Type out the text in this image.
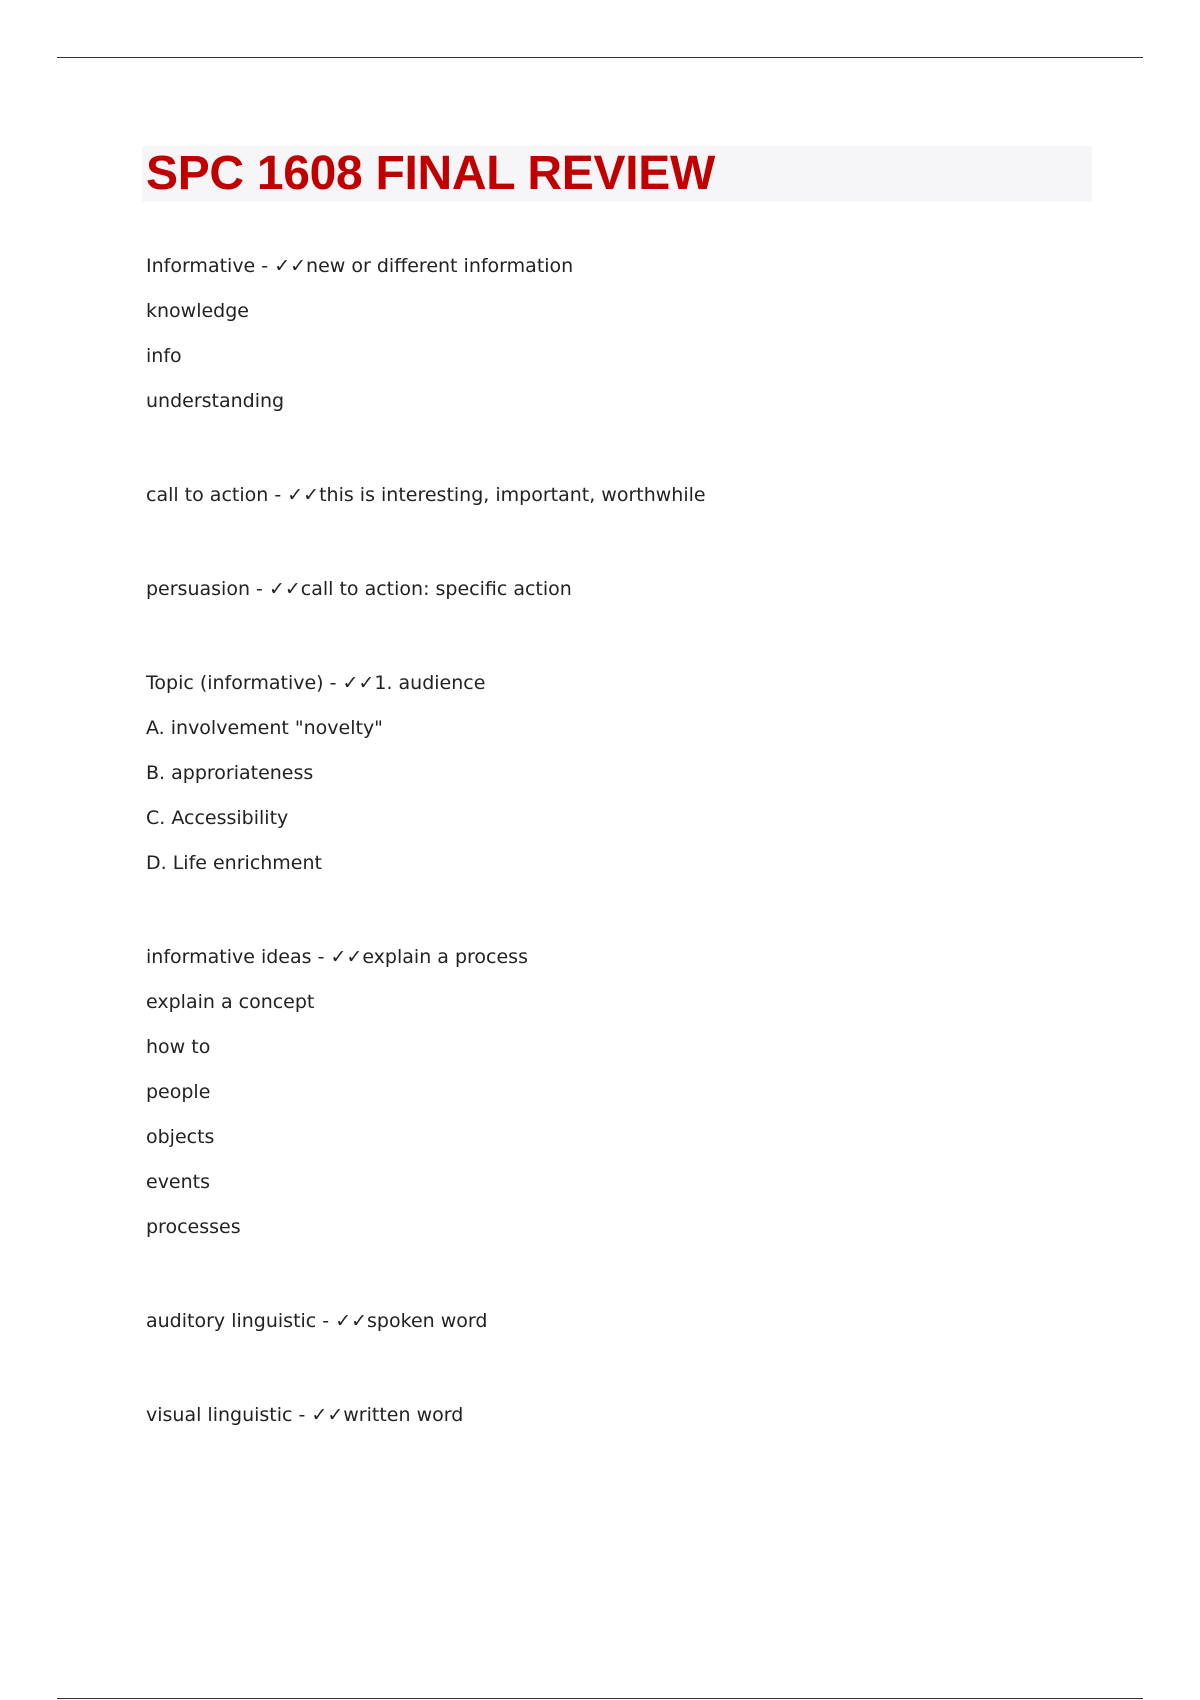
SPC 1608 FINAL REVIEW
Informative - ✓✓new or different information
knowledge
info
understanding
call to action - ✓✓this is interesting, important, worthwhile
persuasion - ✓✓call to action: specific action
Topic (informative) - ✓✓1. audience
A. involvement "novelty"
B. approriateness
C. Accessibility
D. Life enrichment
informative ideas - ✓✓explain a process
explain a concept
how to
people
objects
events
processes
auditory linguistic - ✓✓spoken word
visual linguistic - ✓✓written word
